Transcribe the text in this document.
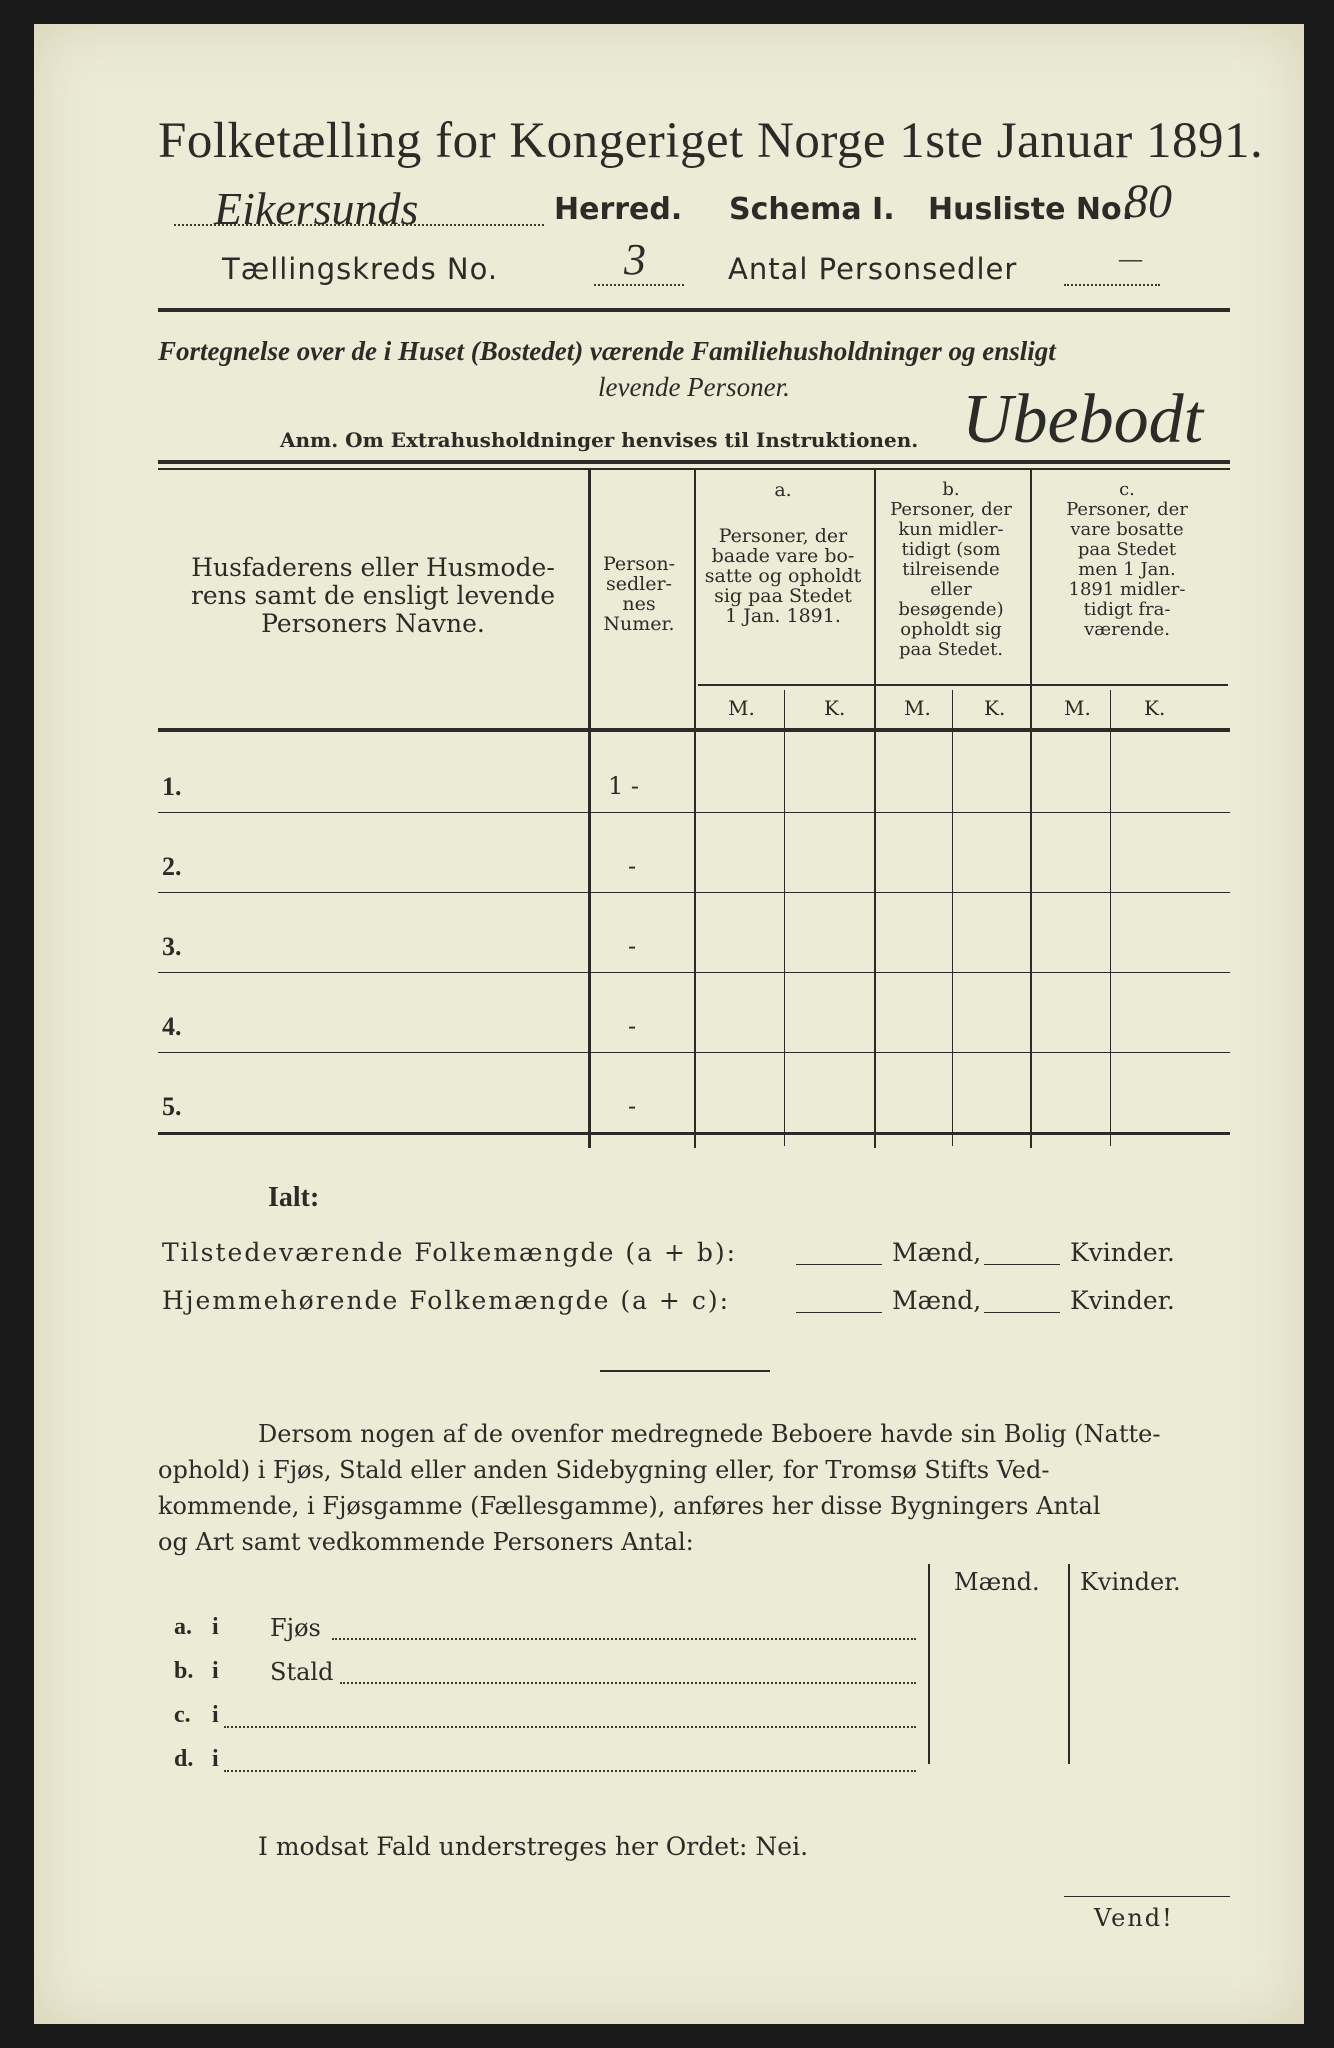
Folketælling for Kongeriget Norge 1ste Januar 1891.
Eikersunds	Herred. Schema I. Husliste No.
80
Tællingskreds No.	3	Antal Personsedler	—
Fortegnelse over de i Huset (Bostedet) værende Familiehusholdninger og ensligt
levende Personer.
Anm. Om Extrahusholdninger henvises til Instruktionen. Ubebodt
Husfaderens eller Husmode-
rens samt de ensligt levende
Personers Navne.
Person-
sedler-
nes
Numer.
a.
Personer, der
baade vare bo-
satte og opholdt
sig paa Stedet
1 Jan. 1891.
b.
Personer, der
kun midler-
tidigt (som
tilreisende
eller
besøgende)
opholdt sig
paa Stedet.
c.
Personer, der
vare bosatte
paa Stedet
men 1 Jan.
1891 midler-
tidigt fra-
værende.
M.	K.	M.	K.	M.	K.
1.	1 -
2.	-
3.	-
4.	-
5.	-
Ialt:
Tilstedeværende Folkemængde (a + b):	Mænd,	Kvinder.
Hjemmehørende Folkemængde (a + c):	Mænd,	Kvinder.
Dersom nogen af de ovenfor medregnede Beboere havde sin Bolig (Natte-
ophold) i Fjøs, Stald eller anden Sidebygning eller, for Tromsø Stifts Ved-
kommende, i Fjøsgamme (Fællesgamme), anføres her disse Bygningers Antal
og Art samt vedkommende Personers Antal:
Mænd. Kvinder.
a. i Fjøs
b. i Stald
c. i
d. i
I modsat Fald understreges her Ordet: Nei.
Vend!
